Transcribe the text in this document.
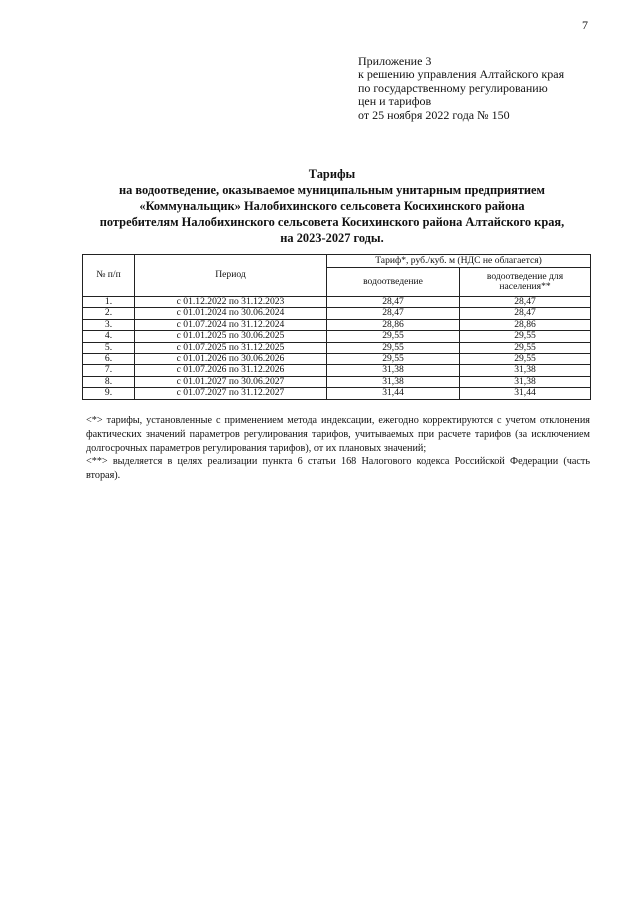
7
Приложение 3
к решению управления Алтайского края
по государственному регулированию
цен и тарифов
от 25 ноября 2022 года № 150
Тарифы
на водоотведение, оказываемое муниципальным унитарным предприятием
«Коммунальщик» Налобихинского сельсовета Косихинского района
потребителям Налобихинского сельсовета Косихинского района Алтайского края,
на 2023-2027 годы.
№ п/п	Период	Тариф*, руб./куб. м (НДС не облагается)	
		водоотведение	водоотведение для населения**
1.	с 01.12.2022 по 31.12.2023	28,47	28,47
2.	с 01.01.2024 по 30.06.2024	28,47	28,47
3.	с 01.07.2024 по 31.12.2024	28,86	28,86
4.	с 01.01.2025 по 30.06.2025	29,55	29,55
5.	с 01.07.2025 по 31.12.2025	29,55	29,55
6.	с 01.01.2026 по 30.06.2026	29,55	29,55
7.	с 01.07.2026 по 31.12.2026	31,38	31,38
8.	с 01.01.2027 по 30.06.2027	31,38	31,38
9.	с 01.07.2027 по 31.12.2027	31,44	31,44

<*> тарифы, установленные с применением метода индексации, ежегодно корректируются с учетом отклонения фактических значений параметров регулирования тарифов, учитываемых при расчете тарифов (за исключением долгосрочных параметров регулирования тарифов), от их плановых значений;

<**> выделяется в целях реализации пункта 6 статьи 168 Налогового кодекса Российской Федерации (часть вторая).
